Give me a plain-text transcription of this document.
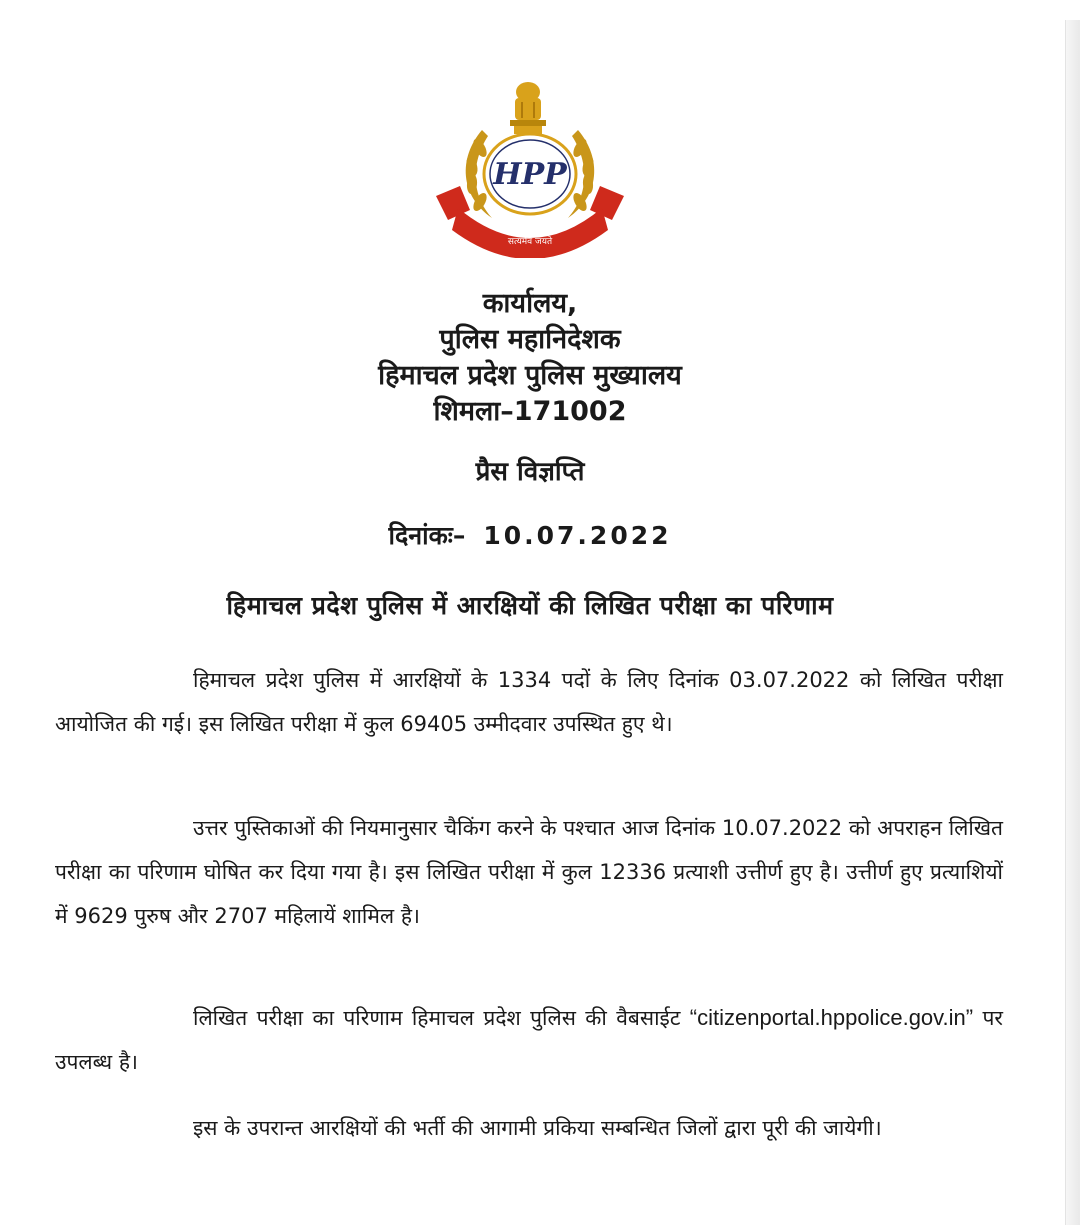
HPP
सत्यमेव जयते
कार्यालय,
पुलिस महानिदेशक
हिमाचल प्रदेश पुलिस मुख्यालय
शिमला–171002
प्रैस विज्ञप्ति
दिनांकः– 10.07.2022
हिमाचल प्रदेश पुलिस में आरक्षियों की लिखित परीक्षा का परिणाम
हिमाचल प्रदेश पुलिस में आरक्षियों के 1334 पदों के लिए दिनांक 03.07.2022 को लिखित परीक्षा आयोजित की गई। इस लिखित परीक्षा में कुल 69405 उम्मीदवार उपस्थित हुए थे।
उत्तर पुस्तिकाओं की नियमानुसार चैकिंग करने के पश्चात आज दिनांक 10.07.2022 को अपराहन लिखित परीक्षा का परिणाम घोषित कर दिया गया है। इस लिखित परीक्षा में कुल 12336 प्रत्याशी उत्तीर्ण हुए है। उत्तीर्ण हुए प्रत्याशियों में 9629 पुरुष और 2707 महिलायें शामिल है।
लिखित परीक्षा का परिणाम हिमाचल प्रदेश पुलिस की वैबसाईट “citizenportal.hppolice.gov.in” पर उपलब्ध है।
इस के उपरान्त आरक्षियों की भर्ती की आगामी प्रकिया सम्बन्धित जिलों द्वारा पूरी की जायेगी।
